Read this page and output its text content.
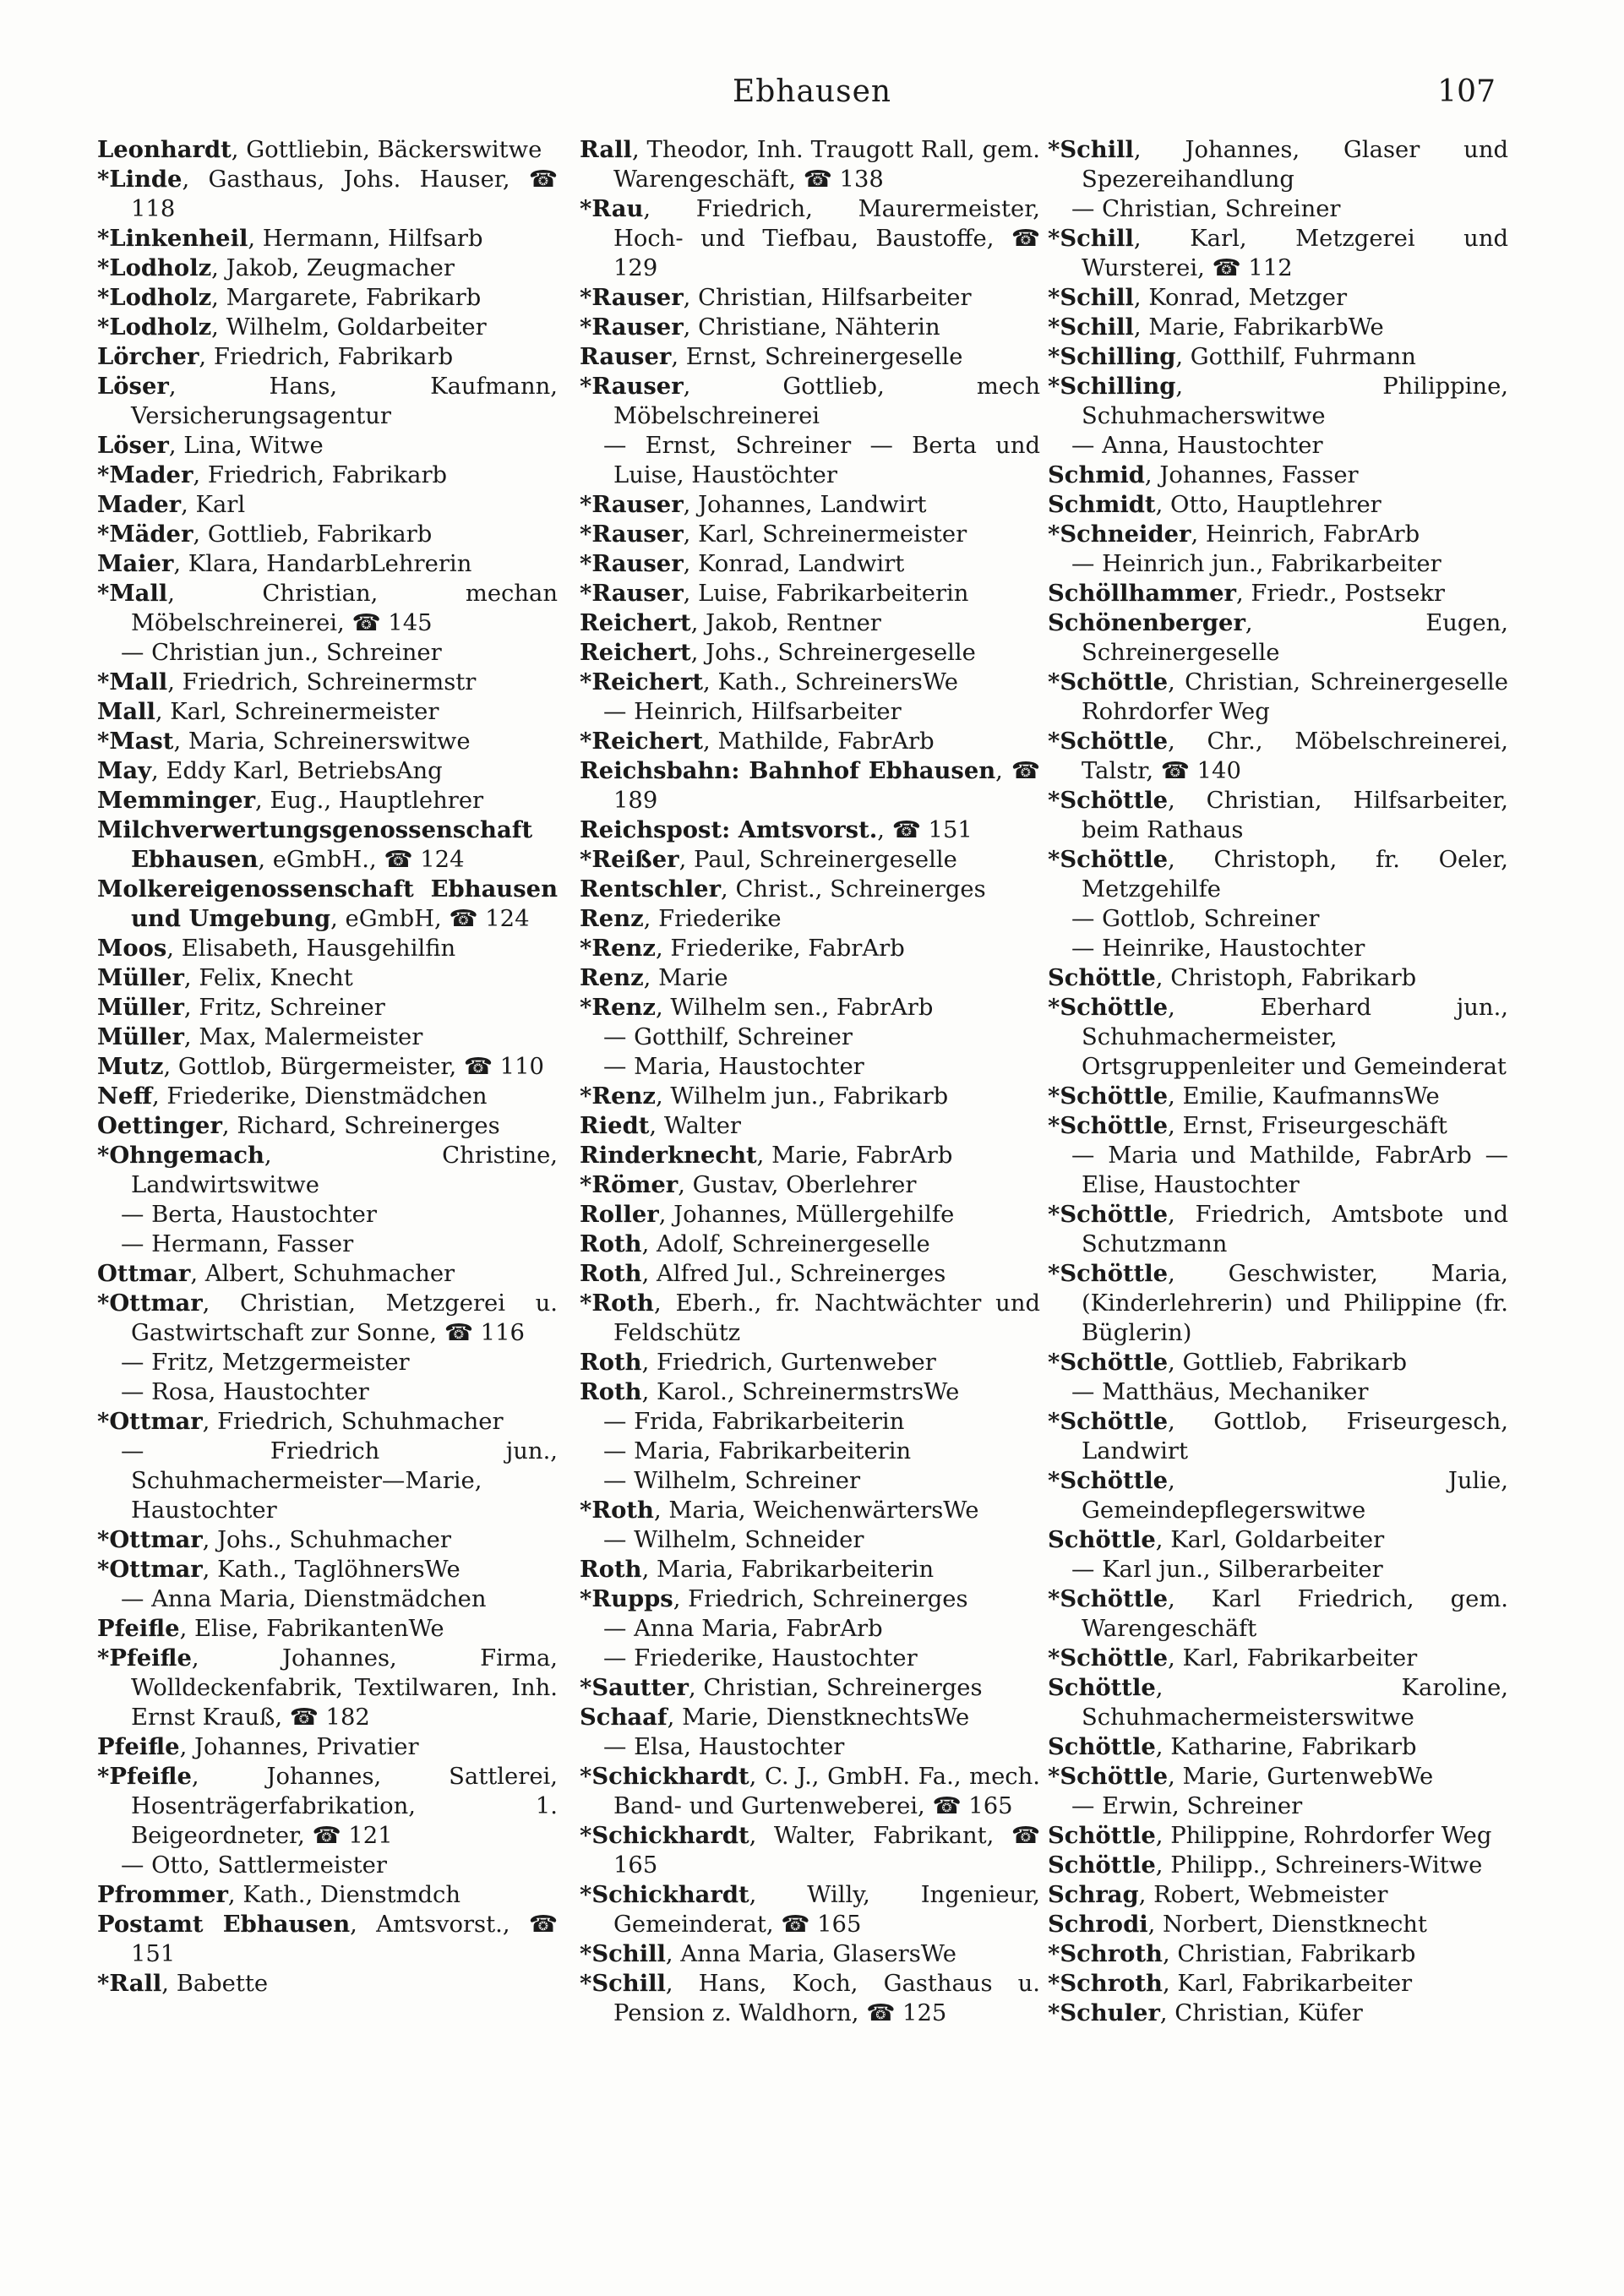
Ebhausen	107
Leonhardt, Gottliebin, Bäckerswitwe
*Linde, Gasthaus, Johs. Hauser, ☎ 118
*Linkenheil, Hermann, Hilfsarb
*Lodholz, Jakob, Zeugmacher
*Lodholz, Margarete, Fabrikarb
*Lodholz, Wilhelm, Goldarbeiter
Lörcher, Friedrich, Fabrikarb
Löser, Hans, Kaufmann, Versicherungsagentur
Löser, Lina, Witwe
*Mader, Friedrich, Fabrikarb
Mader, Karl
*Mäder, Gottlieb, Fabrikarb
Maier, Klara, HandarbLehrerin
*Mall, Christian, mechan Möbelschreinerei, ☎ 145
— Christian jun., Schreiner
*Mall, Friedrich, Schreinermstr
Mall, Karl, Schreinermeister
*Mast, Maria, Schreinerswitwe
May, Eddy Karl, BetriebsAng
Memminger, Eug., Hauptlehrer
Milchverwertungsgenossenschaft Ebhausen, eGmbH., ☎ 124
Molkereigenossenschaft Ebhausen und Umgebung, eGmbH, ☎ 124
Moos, Elisabeth, Hausgehilfin
Müller, Felix, Knecht
Müller, Fritz, Schreiner
Müller, Max, Malermeister
Mutz, Gottlob, Bürgermeister, ☎ 110
Neff, Friederike, Dienstmädchen
Oettinger, Richard, Schreinerges
*Ohngemach, Christine, Landwirtswitwe
— Berta, Haustochter
— Hermann, Fasser
Ottmar, Albert, Schuhmacher
*Ottmar, Christian, Metzgerei u. Gastwirtschaft zur Sonne, ☎ 116
— Fritz, Metzgermeister
— Rosa, Haustochter
*Ottmar, Friedrich, Schuhmacher
— Friedrich jun., Schuhmachermeister—Marie, Haustochter
*Ottmar, Johs., Schuhmacher
*Ottmar, Kath., TaglöhnersWe
— Anna Maria, Dienstmädchen
Pfeifle, Elise, FabrikantenWe
*Pfeifle, Johannes, Firma, Wolldeckenfabrik, Textilwaren, Inh. Ernst Krauß, ☎ 182
Pfeifle, Johannes, Privatier
*Pfeifle, Johannes, Sattlerei, Hosenträgerfabrikation, 1. Beigeordneter, ☎ 121
— Otto, Sattlermeister
Pfrommer, Kath., Dienstmdch
Postamt Ebhausen, Amtsvorst., ☎ 151
*Rall, Babette
Rall, Theodor, Inh. Traugott Rall, gem. Warengeschäft, ☎ 138
*Rau, Friedrich, Maurermeister, Hoch- und Tiefbau, Baustoffe, ☎ 129
*Rauser, Christian, Hilfsarbeiter
*Rauser, Christiane, Nähterin
Rauser, Ernst, Schreinergeselle
*Rauser, Gottlieb, mech Möbelschreinerei
— Ernst, Schreiner — Berta und Luise, Haustöchter
*Rauser, Johannes, Landwirt
*Rauser, Karl, Schreinermeister
*Rauser, Konrad, Landwirt
*Rauser, Luise, Fabrikarbeiterin
Reichert, Jakob, Rentner
Reichert, Johs., Schreinergeselle
*Reichert, Kath., SchreinersWe
— Heinrich, Hilfsarbeiter
*Reichert, Mathilde, FabrArb
Reichsbahn: Bahnhof Ebhausen, ☎ 189
Reichspost: Amtsvorst., ☎ 151
*Reißer, Paul, Schreinergeselle
Rentschler, Christ., Schreinerges
Renz, Friederike
*Renz, Friederike, FabrArb
Renz, Marie
*Renz, Wilhelm sen., FabrArb
— Gotthilf, Schreiner
— Maria, Haustochter
*Renz, Wilhelm jun., Fabrikarb
Riedt, Walter
Rinderknecht, Marie, FabrArb
*Römer, Gustav, Oberlehrer
Roller, Johannes, Müllergehilfe
Roth, Adolf, Schreinergeselle
Roth, Alfred Jul., Schreinerges
*Roth, Eberh., fr. Nachtwächter und Feldschütz
Roth, Friedrich, Gurtenweber
Roth, Karol., SchreinermstrsWe
— Frida, Fabrikarbeiterin
— Maria, Fabrikarbeiterin
— Wilhelm, Schreiner
*Roth, Maria, WeichenwärtersWe
— Wilhelm, Schneider
Roth, Maria, Fabrikarbeiterin
*Rupps, Friedrich, Schreinerges
— Anna Maria, FabrArb
— Friederike, Haustochter
*Sautter, Christian, Schreinerges
Schaaf, Marie, DienstknechtsWe
— Elsa, Haustochter
*Schickhardt, C. J., GmbH. Fa., mech. Band- und Gurtenweberei, ☎ 165
*Schickhardt, Walter, Fabrikant, ☎ 165
*Schickhardt, Willy, Ingenieur, Gemeinderat, ☎ 165
*Schill, Anna Maria, GlasersWe
*Schill, Hans, Koch, Gasthaus u. Pension z. Waldhorn, ☎ 125
*Schill, Johannes, Glaser und Spezereihandlung
— Christian, Schreiner
*Schill, Karl, Metzgerei und Wursterei, ☎ 112
*Schill, Konrad, Metzger
*Schill, Marie, FabrikarbWe
*Schilling, Gotthilf, Fuhrmann
*Schilling, Philippine, Schuhmacherswitwe
— Anna, Haustochter
Schmid, Johannes, Fasser
Schmidt, Otto, Hauptlehrer
*Schneider, Heinrich, FabrArb
— Heinrich jun., Fabrikarbeiter
Schöllhammer, Friedr., Postsekr
Schönenberger, Eugen, Schreinergeselle
*Schöttle, Christian, Schreinergeselle Rohrdorfer Weg
*Schöttle, Chr., Möbelschreinerei, Talstr, ☎ 140
*Schöttle, Christian, Hilfsarbeiter, beim Rathaus
*Schöttle, Christoph, fr. Oeler, Metzgehilfe
— Gottlob, Schreiner
— Heinrike, Haustochter
Schöttle, Christoph, Fabrikarb
*Schöttle, Eberhard jun., Schuhmachermeister, Ortsgruppenleiter und Gemeinderat
*Schöttle, Emilie, KaufmannsWe
*Schöttle, Ernst, Friseurgeschäft
— Maria und Mathilde, FabrArb — Elise, Haustochter
*Schöttle, Friedrich, Amtsbote und Schutzmann
*Schöttle, Geschwister, Maria, (Kinderlehrerin) und Philippine (fr. Büglerin)
*Schöttle, Gottlieb, Fabrikarb
— Matthäus, Mechaniker
*Schöttle, Gottlob, Friseurgesch, Landwirt
*Schöttle, Julie, Gemeindepflegerswitwe
Schöttle, Karl, Goldarbeiter
— Karl jun., Silberarbeiter
*Schöttle, Karl Friedrich, gem. Warengeschäft
*Schöttle, Karl, Fabrikarbeiter
Schöttle, Karoline, Schuhmachermeisterswitwe
Schöttle, Katharine, Fabrikarb
*Schöttle, Marie, GurtenwebWe
— Erwin, Schreiner
Schöttle, Philippine, Rohrdorfer Weg
Schöttle, Philipp., Schreiners-Witwe
Schrag, Robert, Webmeister
Schrodi, Norbert, Dienstknecht
*Schroth, Christian, Fabrikarb
*Schroth, Karl, Fabrikarbeiter
*Schuler, Christian, Küfer
